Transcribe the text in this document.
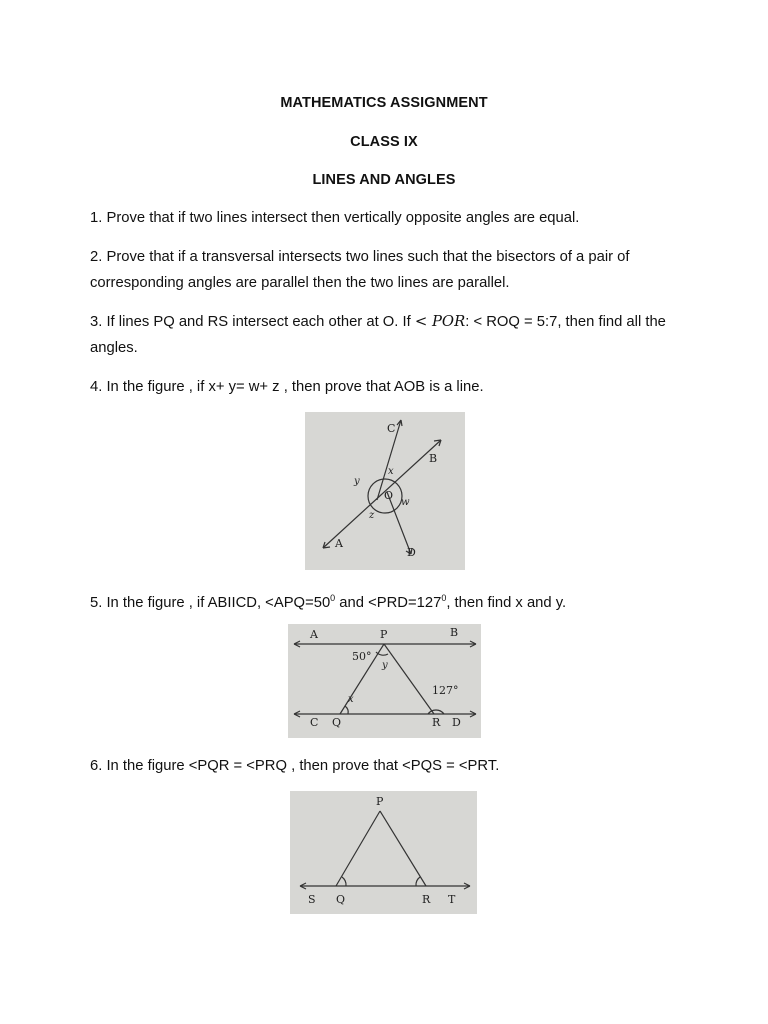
MATHEMATICS ASSIGNMENT
CLASS IX
LINES AND ANGLES
1. Prove that if two lines intersect then vertically opposite angles are equal.
2. Prove that if a transversal intersects two lines such that the bisectors of a pair of corresponding angles are parallel then the two lines are parallel.
3. If lines PQ and RS intersect each other at O. If < POR: < ROQ = 5:7, then find all the angles.
4. In the figure , if x+ y= w+ z , then prove that AOB is a line.
C
B
y
x
O
w
z
A
D
5. In the figure , if ABIICD, $<APQ=50^0$ and $<PRD=127^0$, then find x and y.
A	P	B
50°
y
x
127°
C Q	R D
6. In the figure <PQR = <PRQ , then prove that <PQS = <PRT.
P
S Q	R T
